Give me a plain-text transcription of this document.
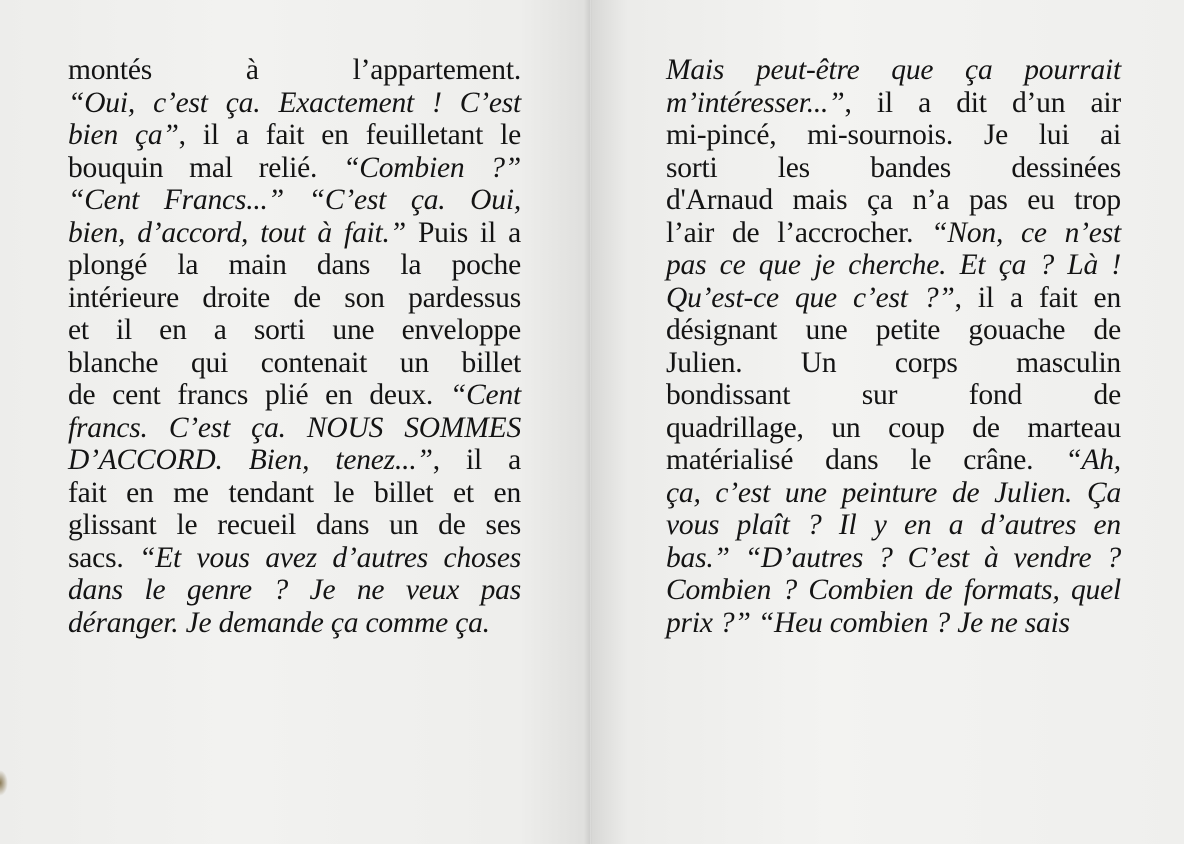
montés à l’appartement.
“Oui, c’est ça. Exactement ! C’est
bien ça”, il a fait en feuilletant le
bouquin mal relié. “Combien ?”
“Cent Francs...” “C’est ça. Oui,
bien, d’accord, tout à fait.” Puis il a
plongé la main dans la poche
intérieure droite de son pardessus
et il en a sorti une enveloppe
blanche qui contenait un billet
de cent francs plié en deux. “Cent
francs. C’est ça. NOUS SOMMES
D’ACCORD. Bien, tenez...”, il a
fait en me tendant le billet et en
glissant le recueil dans un de ses
sacs. “Et vous avez d’autres choses
dans le genre ? Je ne veux pas
déranger. Je demande ça comme ça.
Mais peut-être que ça pourrait
m’intéresser...”, il a dit d’un air
mi-pincé, mi-sournois. Je lui ai
sorti les bandes dessinées
d'Arnaud mais ça n’a pas eu trop
l’air de l’accrocher. “Non, ce n’est
pas ce que je cherche. Et ça ? Là !
Qu’est-ce que c’est ?”, il a fait en
désignant une petite gouache de
Julien. Un corps masculin
bondissant sur fond de
quadrillage, un coup de marteau
matérialisé dans le crâne. “Ah,
ça, c’est une peinture de Julien. Ça
vous plaît ? Il y en a d’autres en
bas.” “D’autres ? C’est à vendre ?
Combien ? Combien de formats, quel
prix ?” “Heu combien ? Je ne sais
